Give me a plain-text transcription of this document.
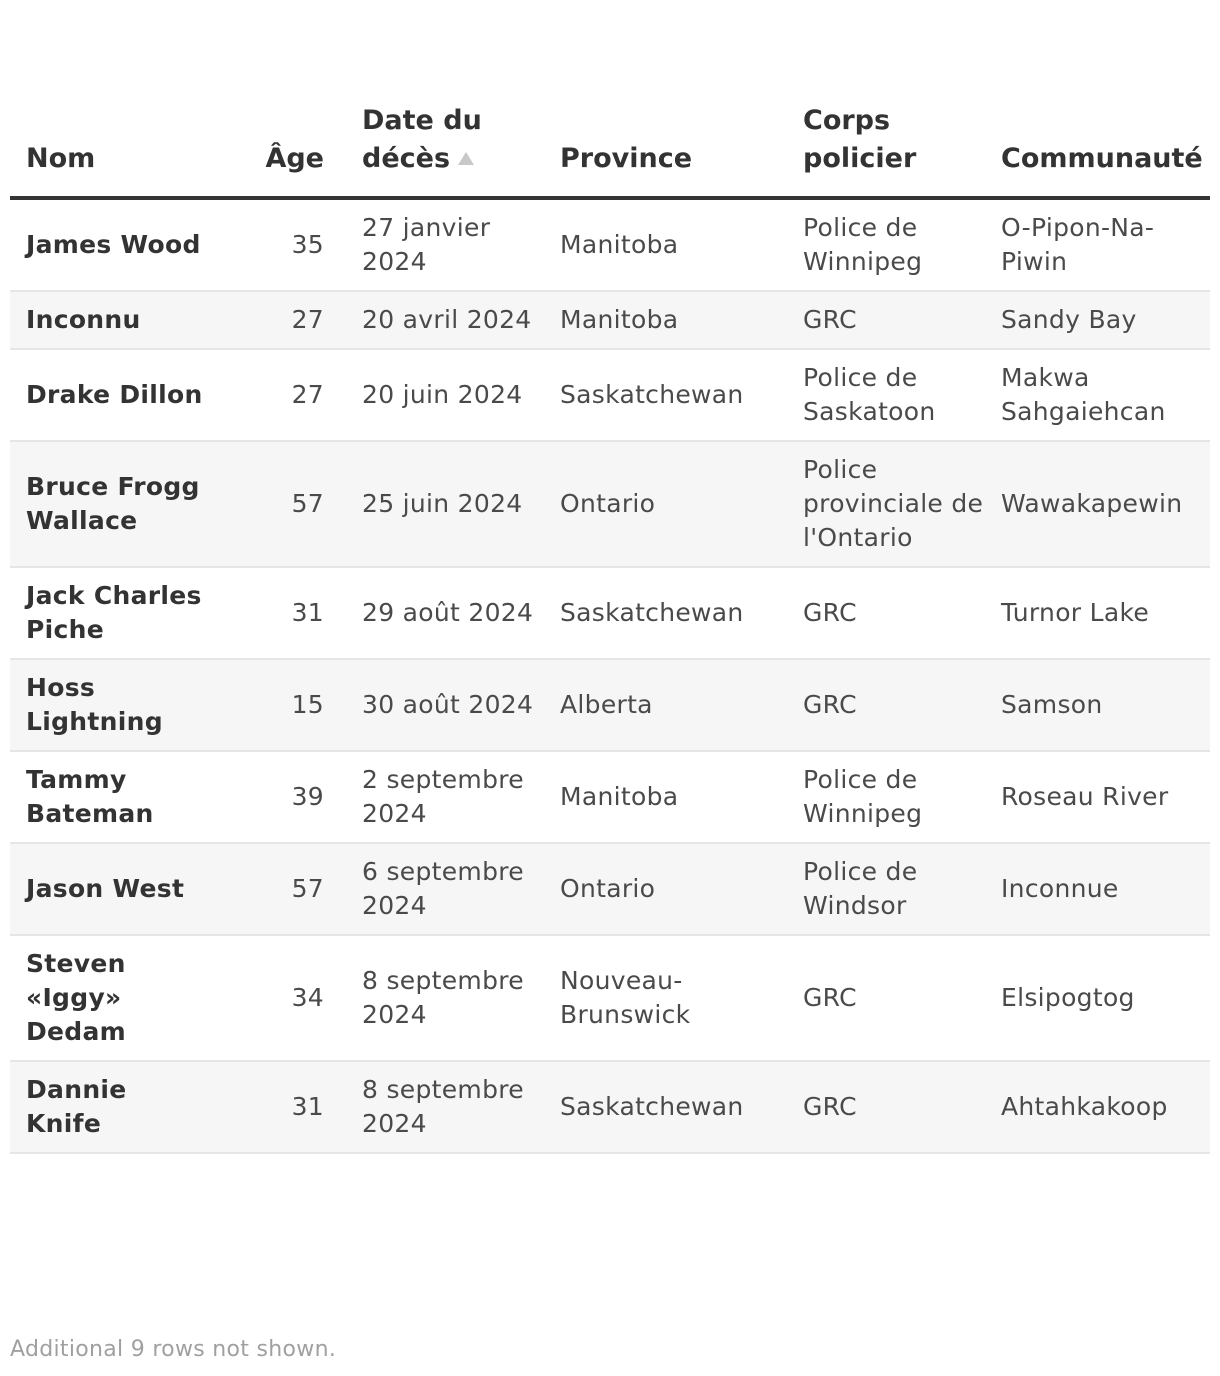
Nom	Âge	Date du décès	Province	Corps policier	Communauté
James Wood	35	27 janvier 2024	Manitoba	Police de Winnipeg	O-Pipon-Na-Piwin
Inconnu	27	20 avril 2024	Manitoba	GRC	Sandy Bay
Drake Dillon	27	20 juin 2024	Saskatchewan	Police de Saskatoon	Makwa Sahgaiehcan
Bruce Frogg Wallace	57	25 juin 2024	Ontario	Police provinciale de l'Ontario	Wawakapewin
Jack Charles Piche	31	29 août 2024	Saskatchewan	GRC	Turnor Lake
Hoss Lightning	15	30 août 2024	Alberta	GRC	Samson
Tammy Bateman	39	2 septembre 2024	Manitoba	Police de Winnipeg	Roseau River
Jason West	57	6 septembre 2024	Ontario	Police de Windsor	Inconnue
Steven «Iggy» Dedam	34	8 septembre 2024	Nouveau-Brunswick	GRC	Elsipogtog
Dannie Knife	31	8 septembre 2024	Saskatchewan	GRC	Ahtahkakoop
Additional 9 rows not shown.
